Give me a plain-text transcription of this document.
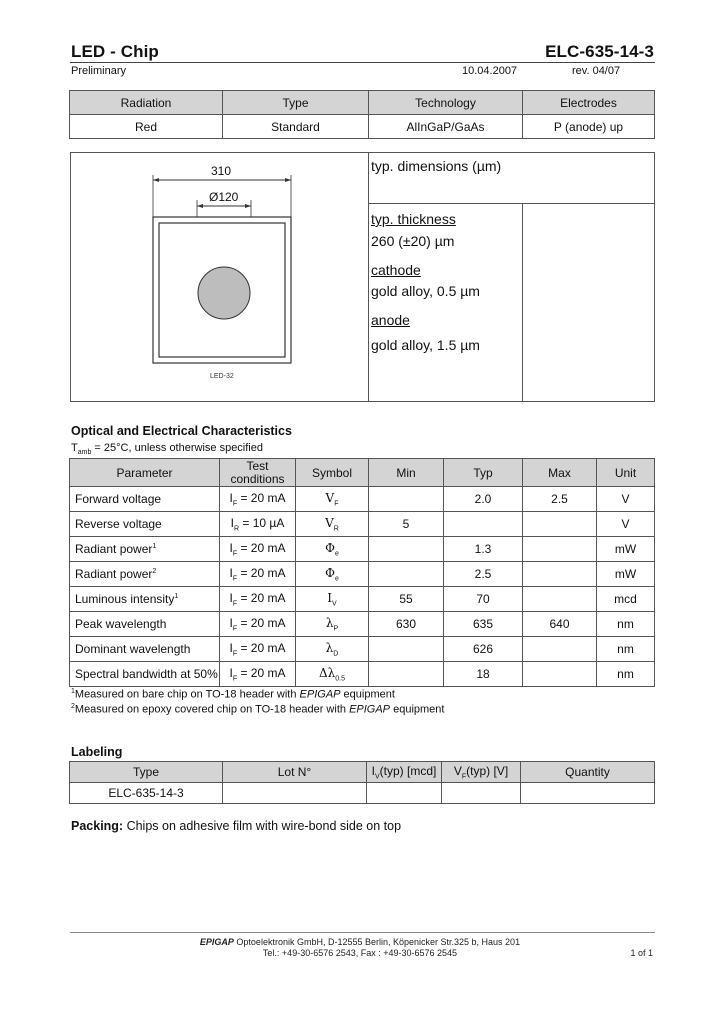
LED - Chip	ELC-635-14-3
Preliminary	10.04.2007	rev. 04/07
Radiation	Type	Technology	Electrodes
Red	Standard	AlInGaP/GaAs	P (anode) up
310
Ø120
LED-32
typ. dimensions (µm)
typ. thickness
260 (±20) µm
cathode
gold alloy, 0.5 µm
anode
gold alloy, 1.5 µm
Optical and Electrical Characteristics
$T_{amb} = 25^\circ C$, unless otherwise specified
Parameter	Test conditions	Symbol	Min	Typ	Max	Unit
Forward voltage	$I_F = 20$ mA	$V_F$		2.0	2.5	V
Reverse voltage	$I_R = 10$ µA	$V_R$	5			V
Radiant power$^1$	$I_F = 20$ mA	$\Phi_e$		1.3		mW
Radiant power$^2$	$I_F = 20$ mA	$\Phi_e$		2.5		mW
Luminous intensity$^1$	$I_F = 20$ mA	$I_V$	55	70		mcd
Peak wavelength	$I_F = 20$ mA	$\lambda_P$	630	635	640	nm
Dominant wavelength	$I_F = 20$ mA	$\lambda_D$		626		nm
Spectral bandwidth at 50%	$I_F = 20$ mA	$\Delta\lambda_{0.5}$		18		nm
$^1$Measured on bare chip on TO-18 header with EPIGAP equipment
$^2$Measured on epoxy covered chip on TO-18 header with EPIGAP equipment
Labeling
Type	Lot N°	$I_V(typ)$ [mcd]	$V_F(typ)$ [V]	Quantity
ELC-635-14-3				
Packing: Chips on adhesive film with wire-bond side on top
EPIGAP Optoelektronik GmbH, D-12555 Berlin, Köpenicker Str.325 b, Haus 201
Tel.: +49-30-6576 2543, Fax : +49-30-6576 2545	1 of 1
